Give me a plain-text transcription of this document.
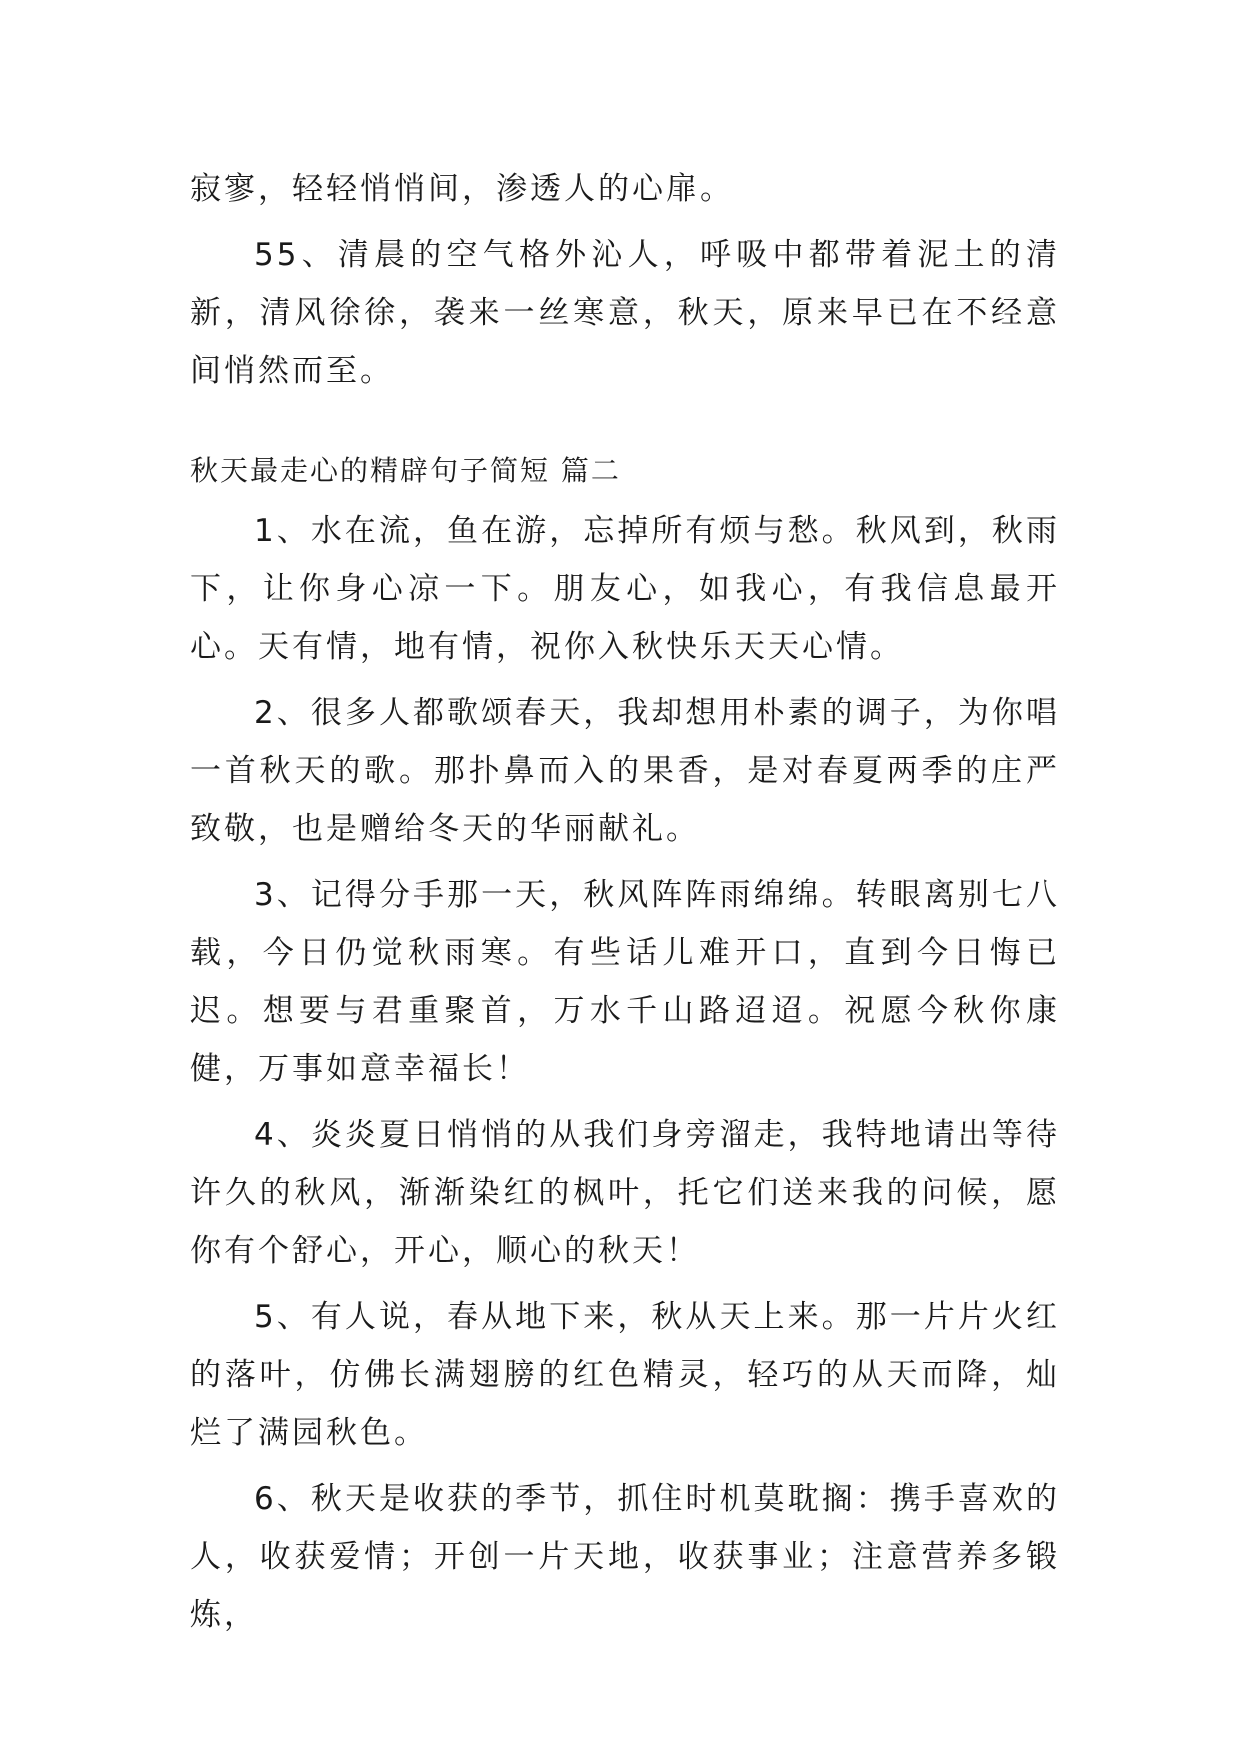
寂寥，轻轻悄悄间，渗透人的心扉。

55、清晨的空气格外沁人，呼吸中都带着泥土的清新，清风徐徐，袭来一丝寒意，秋天，原来早已在不经意间悄然而至。

秋天最走心的精辟句子简短 篇二

1、水在流，鱼在游，忘掉所有烦与愁。秋风到，秋雨下，让你身心凉一下。朋友心，如我心，有我信息最开心。天有情，地有情，祝你入秋快乐天天心情。

2、很多人都歌颂春天，我却想用朴素的调子，为你唱一首秋天的歌。那扑鼻而入的果香，是对春夏两季的庄严致敬，也是赠给冬天的华丽献礼。

3、记得分手那一天，秋风阵阵雨绵绵。转眼离别七八载，今日仍觉秋雨寒。有些话儿难开口，直到今日悔已迟。想要与君重聚首，万水千山路迢迢。祝愿今秋你康健，万事如意幸福长！

4、炎炎夏日悄悄的从我们身旁溜走，我特地请出等待许久的秋风，渐渐染红的枫叶，托它们送来我的问候，愿你有个舒心，开心，顺心的秋天！

5、有人说，春从地下来，秋从天上来。那一片片火红的落叶，仿佛长满翅膀的红色精灵，轻巧的从天而降，灿烂了满园秋色。

6、秋天是收获的季节，抓住时机莫耽搁：携手喜欢的人，收获爱情；开创一片天地，收获事业；注意营养多锻炼，
